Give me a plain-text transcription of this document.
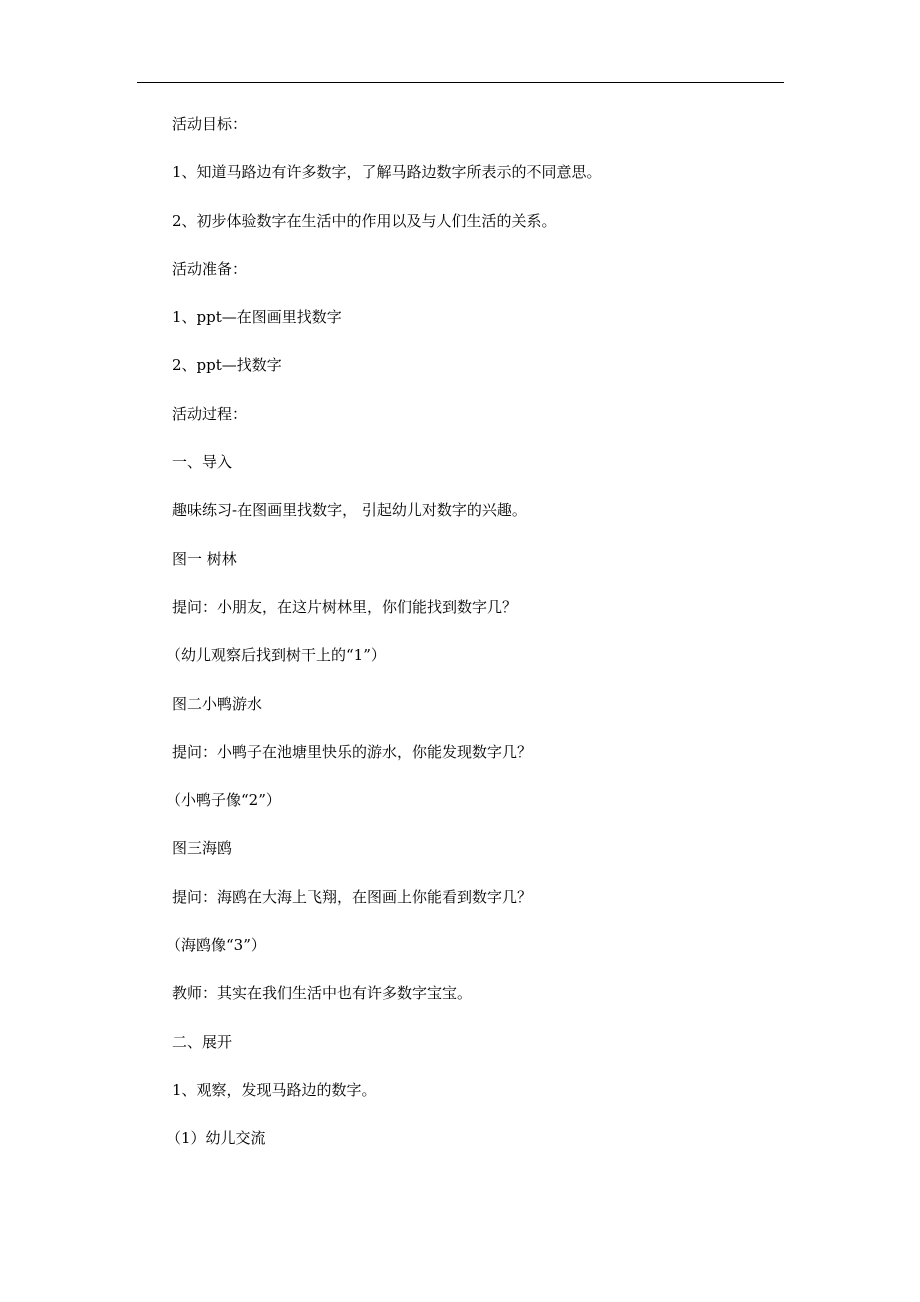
活动目标：
1、知道马路边有许多数字，了解马路边数字所表示的不同意思。
2、初步体验数字在生活中的作用以及与人们生活的关系。
活动准备：
1、ppt—在图画里找数字
2、ppt—找数字
活动过程：
一、导入
趣味练习-在图画里找数字， 引起幼儿对数字的兴趣。
图一 树林
提问：小朋友，在这片树林里，你们能找到数字几？
（幼儿观察后找到树干上的“1”）
图二小鸭游水
提问：小鸭子在池塘里快乐的游水，你能发现数字几？
（小鸭子像“2”）
图三海鸥
提问：海鸥在大海上飞翔，在图画上你能看到数字几？
（海鸥像“3”）
教师：其实在我们生活中也有许多数字宝宝。
二、展开
1、观察，发现马路边的数字。
（1）幼儿交流
